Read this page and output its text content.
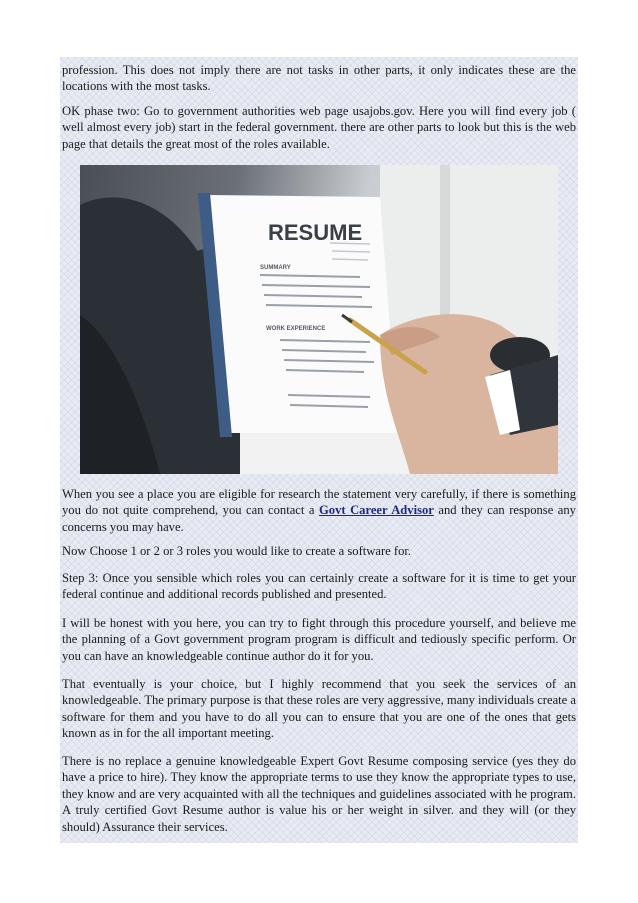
profession. This does not imply there are not tasks in other parts, it only indicates these are the locations with the most tasks.

OK phase two: Go to government authorities web page usajobs.gov. Here you will find every job ( well almost every job) start in the federal government. there are other parts to look but this is the web page that details the great most of the roles available.

RESUME
SUMMARY
WORK EXPERIENCE

When you see a place you are eligible for research the statement very carefully, if there is something you do not quite comprehend, you can contact a Govt Career Advisor and they can response any concerns you may have.

Now Choose 1 or 2 or 3 roles you would like to create a software for.

Step 3: Once you sensible which roles you can certainly create a software for it is time to get your federal continue and additional records published and presented.

I will be honest with you here, you can try to fight through this procedure yourself, and believe me the planning of a Govt government program program is difficult and tediously specific perform. Or you can have an knowledgeable continue author do it for you.

That eventually is your choice, but I highly recommend that you seek the services of an knowledgeable. The primary purpose is that these roles are very aggressive, many individuals create a software for them and you have to do all you can to ensure that you are one of the ones that gets known as in for the all important meeting.

There is no replace a genuine knowledgeable Expert Govt Resume composing service (yes they do have a price to hire). They know the appropriate terms to use they know the appropriate types to use, they know and are very acquainted with all the techniques and guidelines associated with he program. A truly certified Govt Resume author is value his or her weight in silver. and they will (or they should) Assurance their services.
